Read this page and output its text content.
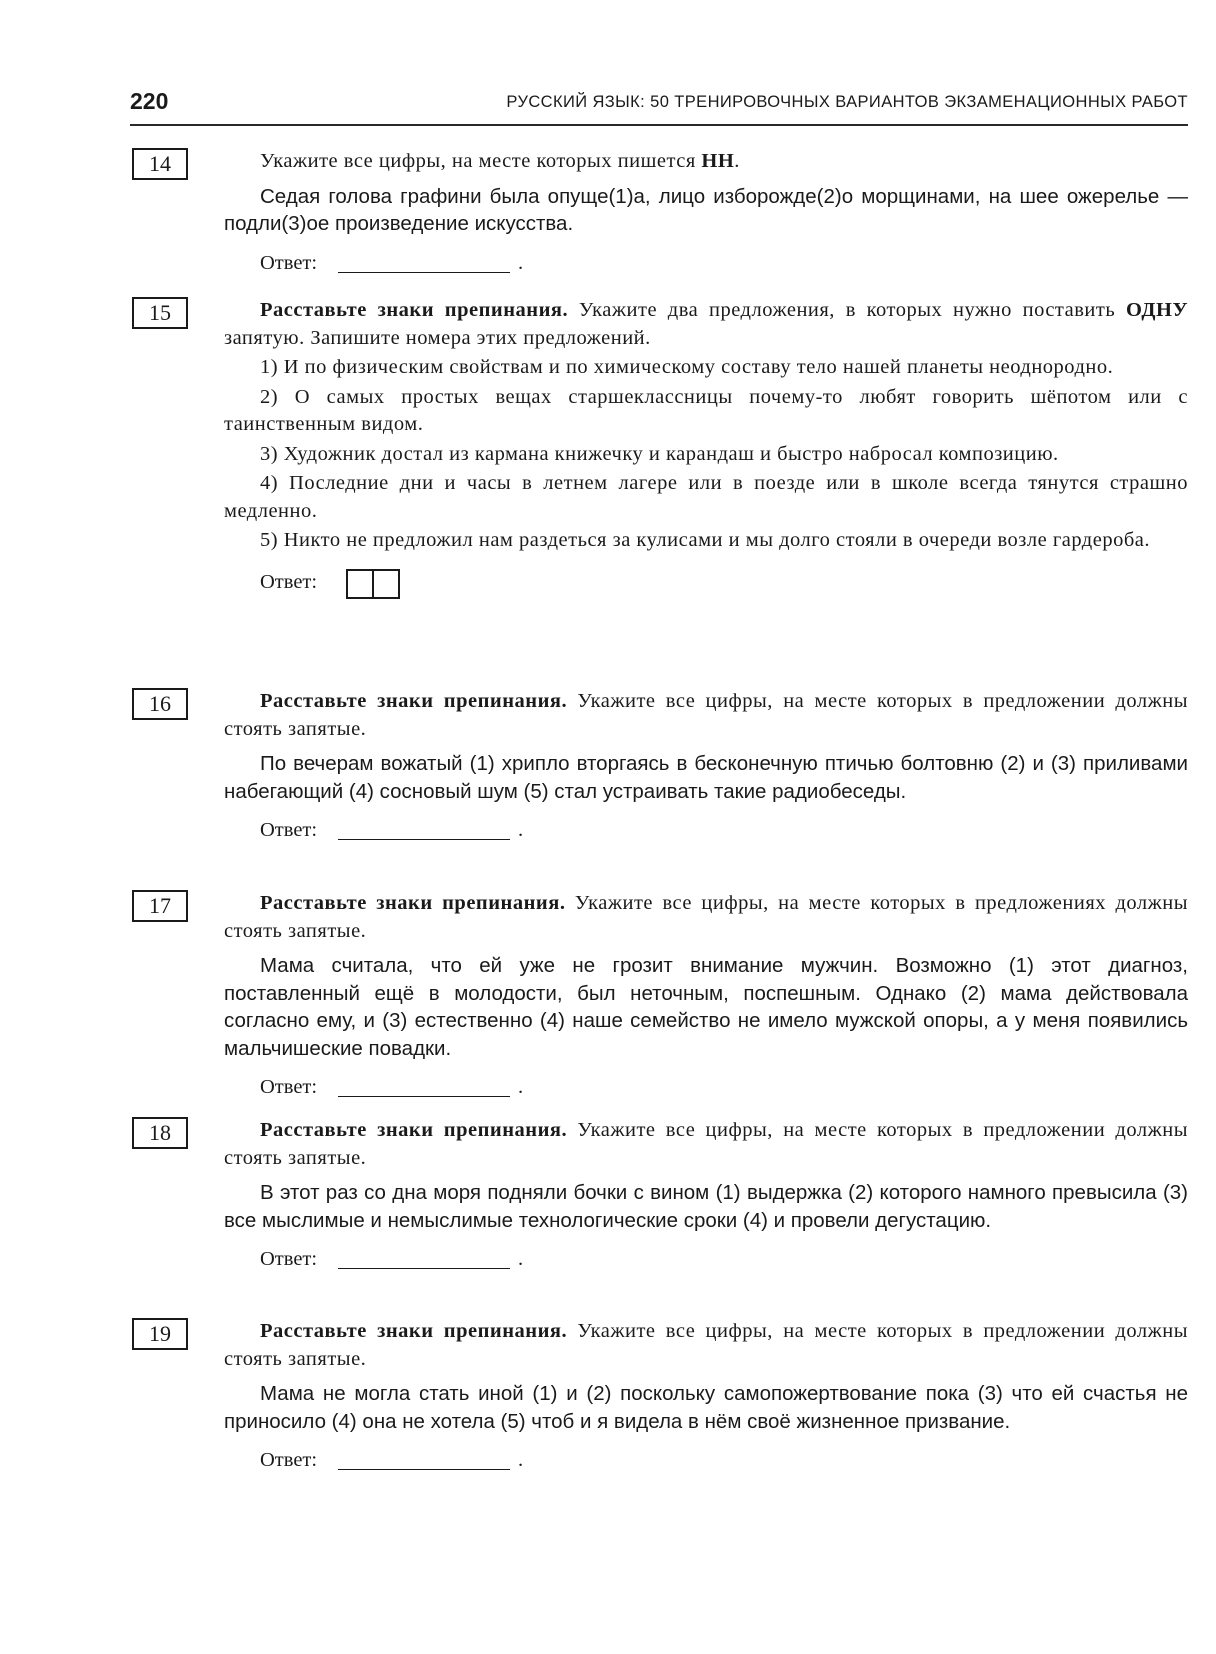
220	РУССКИЙ ЯЗЫК: 50 ТРЕНИРОВОЧНЫХ ВАРИАНТОВ ЭКЗАМЕНАЦИОННЫХ РАБОТ
14	Укажите все цифры, на месте которых пишется НН.

Седая голова графини была опуще(1)а, лицо изборожде(2)о морщинами, на шее ожерелье — подли(3)ое произведение искусства.

Ответ:	.
15	Расставьте знаки препинания. Укажите два предложения, в которых нужно поставить ОДНУ запятую. Запишите номера этих предложений.

1) И по физическим свойствам и по химическому составу тело нашей планеты неоднородно.

2) О самых простых вещах старшеклассницы почему-то любят говорить шёпотом или с таинственным видом.

3) Художник достал из кармана книжечку и карандаш и быстро набросал композицию.

4) Последние дни и часы в летнем лагере или в поезде или в школе всегда тянутся страшно медленно.

5) Никто не предложил нам раздеться за кулисами и мы долго стояли в очереди возле гардероба.

Ответ:
16	Расставьте знаки препинания. Укажите все цифры, на месте которых в предложении должны стоять запятые.

По вечерам вожатый (1) хрипло вторгаясь в бесконечную птичью болтовню (2) и (3) приливами набегающий (4) сосновый шум (5) стал устраивать такие радиобеседы.

Ответ:	.
17	Расставьте знаки препинания. Укажите все цифры, на месте которых в предложениях должны стоять запятые.

Мама считала, что ей уже не грозит внимание мужчин. Возможно (1) этот диагноз, поставленный ещё в молодости, был неточным, поспешным. Однако (2) мама действовала согласно ему, и (3) естественно (4) наше семейство не имело мужской опоры, а у меня появились мальчишеские повадки.

Ответ:	.
18	Расставьте знаки препинания. Укажите все цифры, на месте которых в предложении должны стоять запятые.

В этот раз со дна моря подняли бочки с вином (1) выдержка (2) которого намного превысила (3) все мыслимые и немыслимые технологические сроки (4) и провели дегустацию.

Ответ:	.
19	Расставьте знаки препинания. Укажите все цифры, на месте которых в предложении должны стоять запятые.

Мама не могла стать иной (1) и (2) поскольку самопожертвование пока (3) что ей счастья не приносило (4) она не хотела (5) чтоб и я видела в нём своё жизненное призвание.

Ответ:	.
